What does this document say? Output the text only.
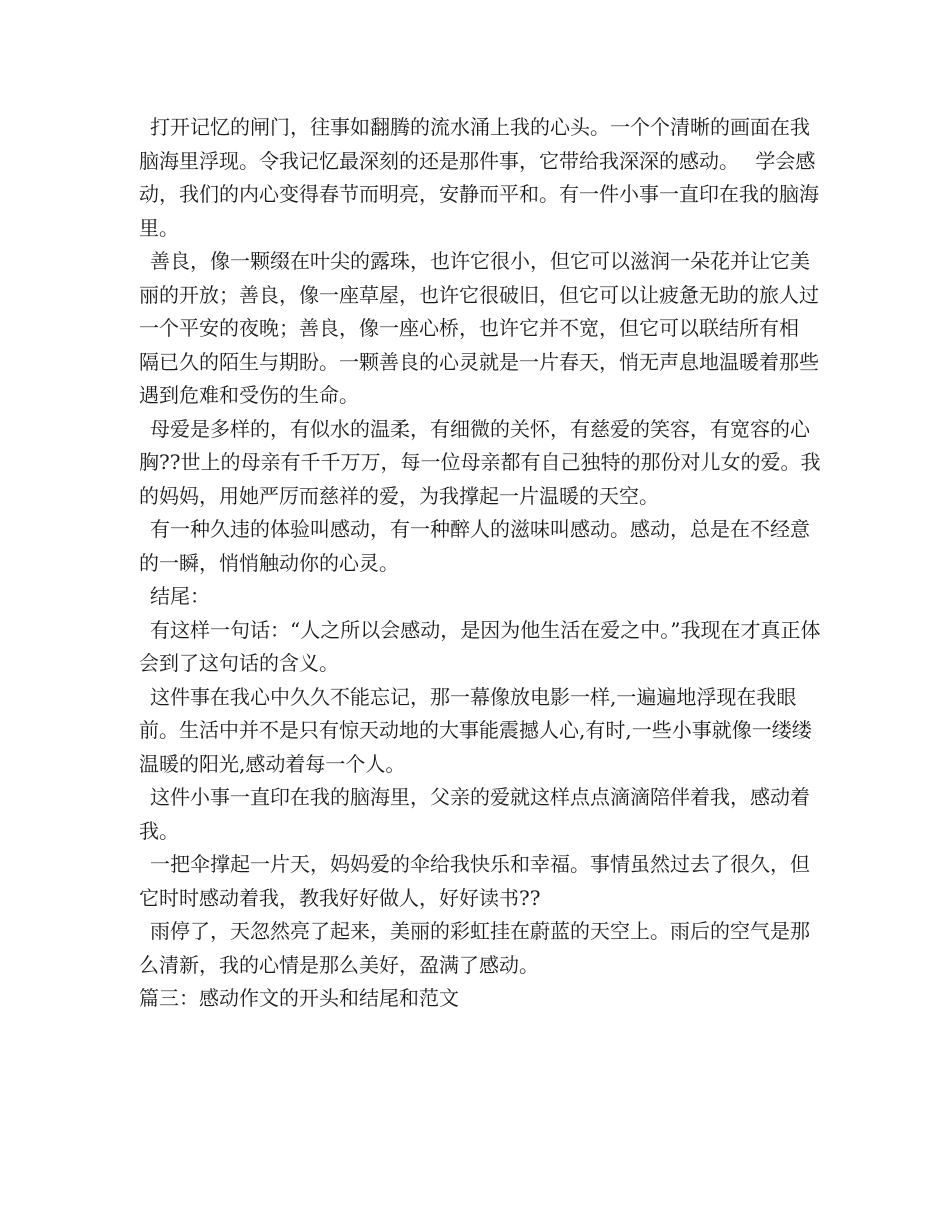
打开记忆的闸门，往事如翻腾的流水涌上我的心头。一个个清晰的画面在我脑海里浮现。令我记忆最深刻的还是那件事，它带给我深深的感动。　 学会感动，我们的内心变得春节而明亮，安静而平和。有一件小事一直印在我的脑海里。

善良，像一颗缀在叶尖的露珠，也许它很小，但它可以滋润一朵花并让它美丽的开放；善良，像一座草屋，也许它很破旧，但它可以让疲惫无助的旅人过一个平安的夜晚；善良，像一座心桥，也许它并不宽，但它可以联结所有相

隔已久的陌生与期盼。一颗善良的心灵就是一片春天，悄无声息地温暖着那些遇到危难和受伤的生命。

母爱是多样的，有似水的温柔，有细微的关怀，有慈爱的笑容，有宽容的心胸??世上的母亲有千千万万，每一位母亲都有自己独特的那份对儿女的爱。我的妈妈，用她严厉而慈祥的爱，为我撑起一片温暖的天空。

有一种久违的体验叫感动，有一种醉人的滋味叫感动。感动，总是在不经意的一瞬，悄悄触动你的心灵。

结尾：

有这样一句话：“人之所以会感动，是因为他生活在爱之中。”我现在才真正体会到了这句话的含义。

这件事在我心中久久不能忘记，那一幕像放电影一样,一遍遍地浮现在我眼前。生活中并不是只有惊天动地的大事能震撼人心,有时,一些小事就像一缕缕温暖的阳光,感动着每一个人。

这件小事一直印在我的脑海里，父亲的爱就这样点点滴滴陪伴着我，感动着我。

一把伞撑起一片天，妈妈爱的伞给我快乐和幸福。事情虽然过去了很久，但它时时感动着我，教我好好做人，好好读书??

雨停了，天忽然亮了起来，美丽的彩虹挂在蔚蓝的天空上。雨后的空气是那么清新，我的心情是那么美好，盈满了感动。

篇三：感动作文的开头和结尾和范文
